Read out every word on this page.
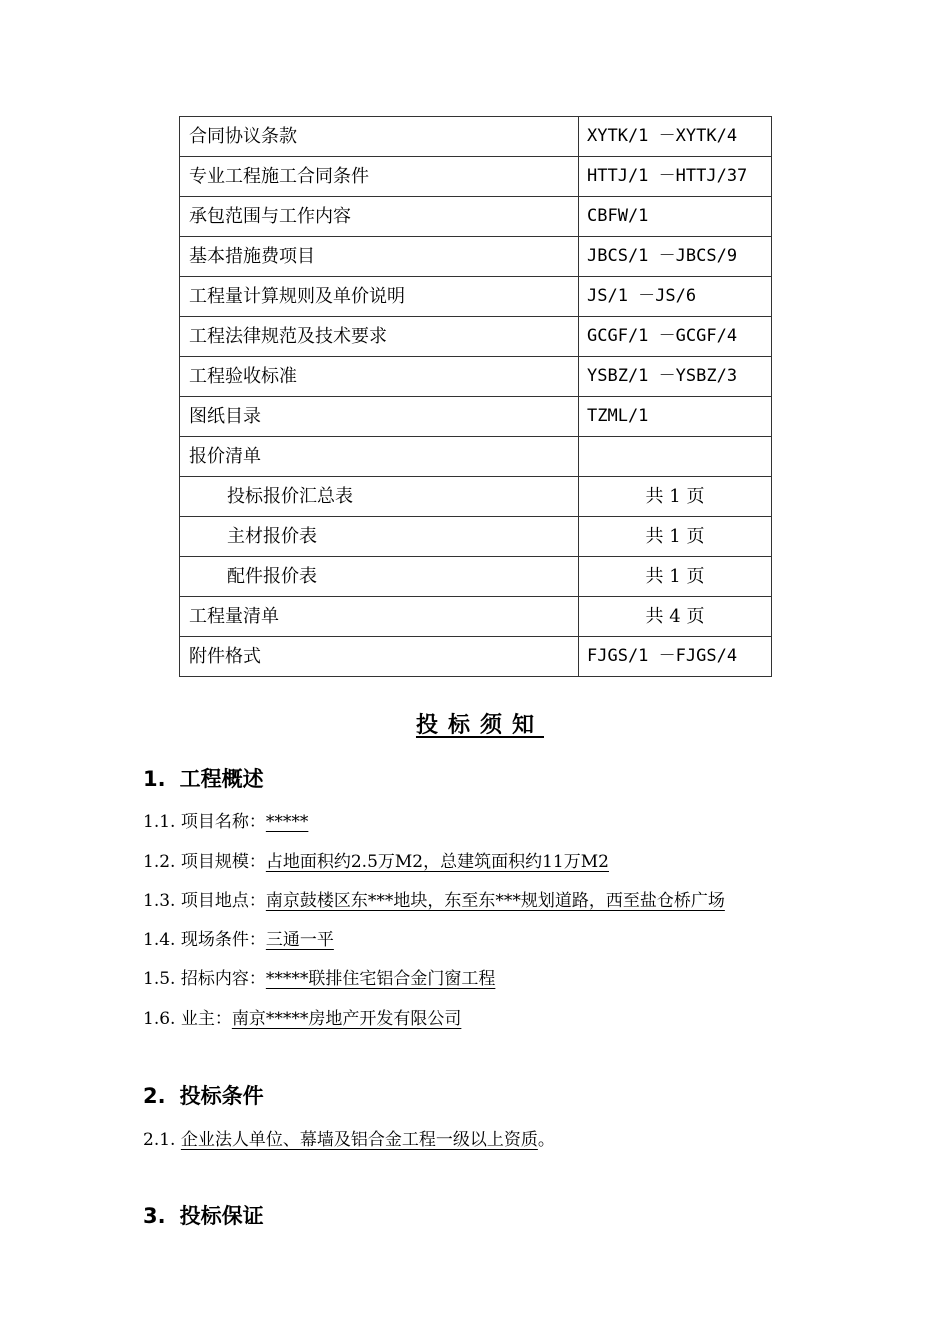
合同协议条款	XYTK/1 －XYTK/4
专业工程施工合同条件	HTTJ/1 －HTTJ/37
承包范围与工作内容	CBFW/1
基本措施费项目	JBCS/1 －JBCS/9
工程量计算规则及单价说明	JS/1 －JS/6
工程法律规范及技术要求	GCGF/1 －GCGF/4
工程验收标准	YSBZ/1 －YSBZ/3
图纸目录	TZML/1
报价清单	
投标报价汇总表	共 1 页
主材报价表	共 1 页
配件报价表	共 1 页
工程量清单	共 4 页
附件格式	FJGS/1 －FJGS/4
投标须知
1. 工程概述
1.1. 项目名称：*****
1.2. 项目规模：占地面积约2.5万M2，总建筑面积约11万M2
1.3. 项目地点：南京鼓楼区东***地块，东至东***规划道路，西至盐仓桥广场
1.4. 现场条件：三通一平
1.5. 招标内容：*****联排住宅铝合金门窗工程
1.6. 业主：南京*****房地产开发有限公司
2. 投标条件
2.1. 企业法人单位、幕墙及铝合金工程一级以上资质。
3. 投标保证
